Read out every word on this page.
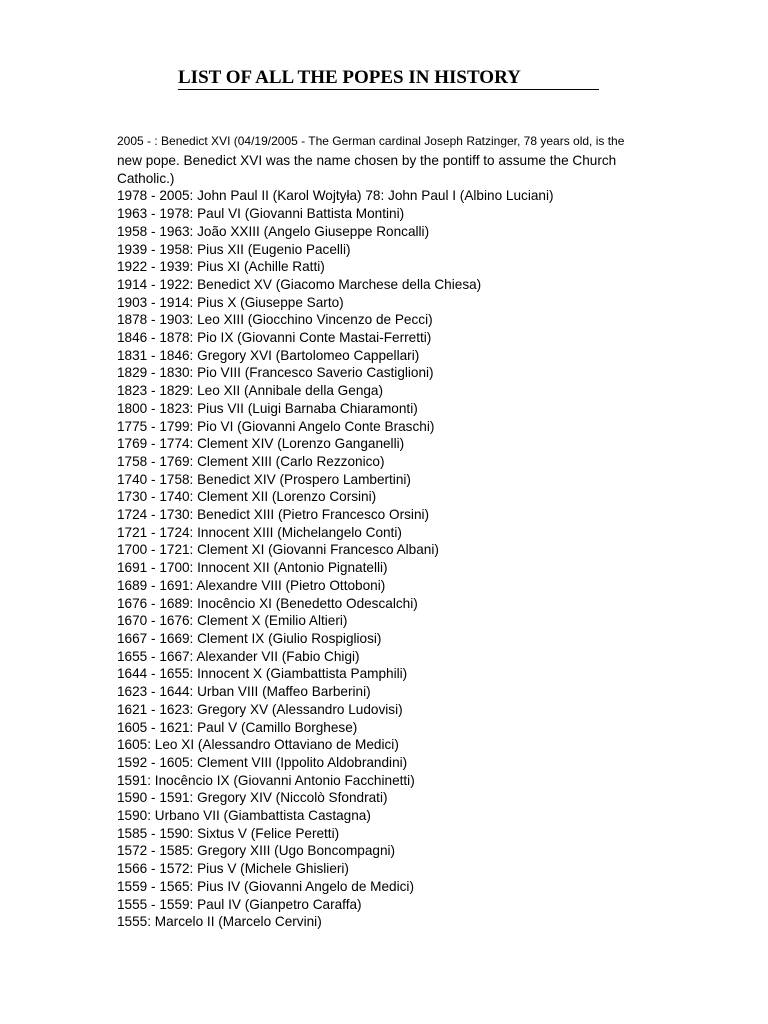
LIST OF ALL THE POPES IN HISTORY
2005 - : Benedict XVI (04/19/2005 - The German cardinal Joseph Ratzinger, 78 years old, is the
new pope. Benedict XVI was the name chosen by the pontiff to assume the Church
Catholic.)
1978 - 2005: John Paul II (Karol Wojtyła) 78: John Paul I (Albino Luciani)
1963 - 1978: Paul VI (Giovanni Battista Montini)
1958 - 1963: João XXIII (Angelo Giuseppe Roncalli)
1939 - 1958: Pius XII (Eugenio Pacelli)
1922 - 1939: Pius XI (Achille Ratti)
1914 - 1922: Benedict XV (Giacomo Marchese della Chiesa)
1903 - 1914: Pius X (Giuseppe Sarto)
1878 - 1903: Leo XIII (Giocchino Vincenzo de Pecci)
1846 - 1878: Pio IX (Giovanni Conte Mastai-Ferretti)
1831 - 1846: Gregory XVI (Bartolomeo Cappellari)
1829 - 1830: Pio VIII (Francesco Saverio Castiglioni)
1823 - 1829: Leo XII (Annibale della Genga)
1800 - 1823: Pius VII (Luigi Barnaba Chiaramonti)
1775 - 1799: Pio VI (Giovanni Angelo Conte Braschi)
1769 - 1774: Clement XIV (Lorenzo Ganganelli)
1758 - 1769: Clement XIII (Carlo Rezzonico)
1740 - 1758: Benedict XIV (Prospero Lambertini)
1730 - 1740: Clement XII (Lorenzo Corsini)
1724 - 1730: Benedict XIII (Pietro Francesco Orsini)
1721 - 1724: Innocent XIII (Michelangelo Conti)
1700 - 1721: Clement XI (Giovanni Francesco Albani)
1691 - 1700: Innocent XII (Antonio Pignatelli)
1689 - 1691: Alexandre VIII (Pietro Ottoboni)
1676 - 1689: Inocêncio XI (Benedetto Odescalchi)
1670 - 1676: Clement X (Emilio Altieri)
1667 - 1669: Clement IX (Giulio Rospigliosi)
1655 - 1667: Alexander VII (Fabio Chigi)
1644 - 1655: Innocent X (Giambattista Pamphili)
1623 - 1644: Urban VIII (Maffeo Barberini)
1621 - 1623: Gregory XV (Alessandro Ludovisi)
1605 - 1621: Paul V (Camillo Borghese)
1605: Leo XI (Alessandro Ottaviano de Medici)
1592 - 1605: Clement VIII (Ippolito Aldobrandini)
1591: Inocêncio IX (Giovanni Antonio Facchinetti)
1590 - 1591: Gregory XIV (Niccolò Sfondrati)
1590: Urbano VII (Giambattista Castagna)
1585 - 1590: Sixtus V (Felice Peretti)
1572 - 1585: Gregory XIII (Ugo Boncompagni)
1566 - 1572: Pius V (Michele Ghislieri)
1559 - 1565: Pius IV (Giovanni Angelo de Medici)
1555 - 1559: Paul IV (Gianpetro Caraffa)
1555: Marcelo II (Marcelo Cervini)
